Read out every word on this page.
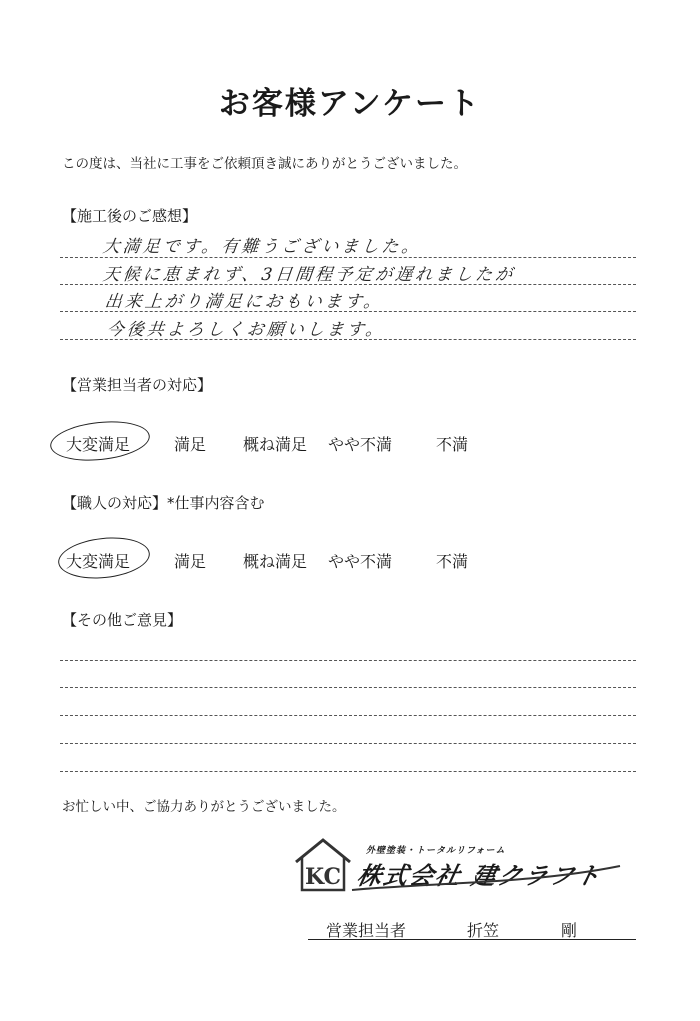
お客様アンケート
この度は、当社に工事をご依頼頂き誠にありがとうございました。
【施工後のご感想】
大満足です。有難うございました。
天候に恵まれず、3日間程予定が遅れましたが
出来上がり満足におもいます。
今後共よろしくお願いします。
【営業担当者の対応】
大変満足	満足 概ね満足 やや不満	不満
【職人の対応】*仕事内容含む
大変満足	満足 概ね満足 やや不満	不満
【その他ご意見】
お忙しい中、ご協力ありがとうございました。
KC
外壁塗装・トータルリフォーム
株式会社 建クラフト
営業担当者	折笠	剛
